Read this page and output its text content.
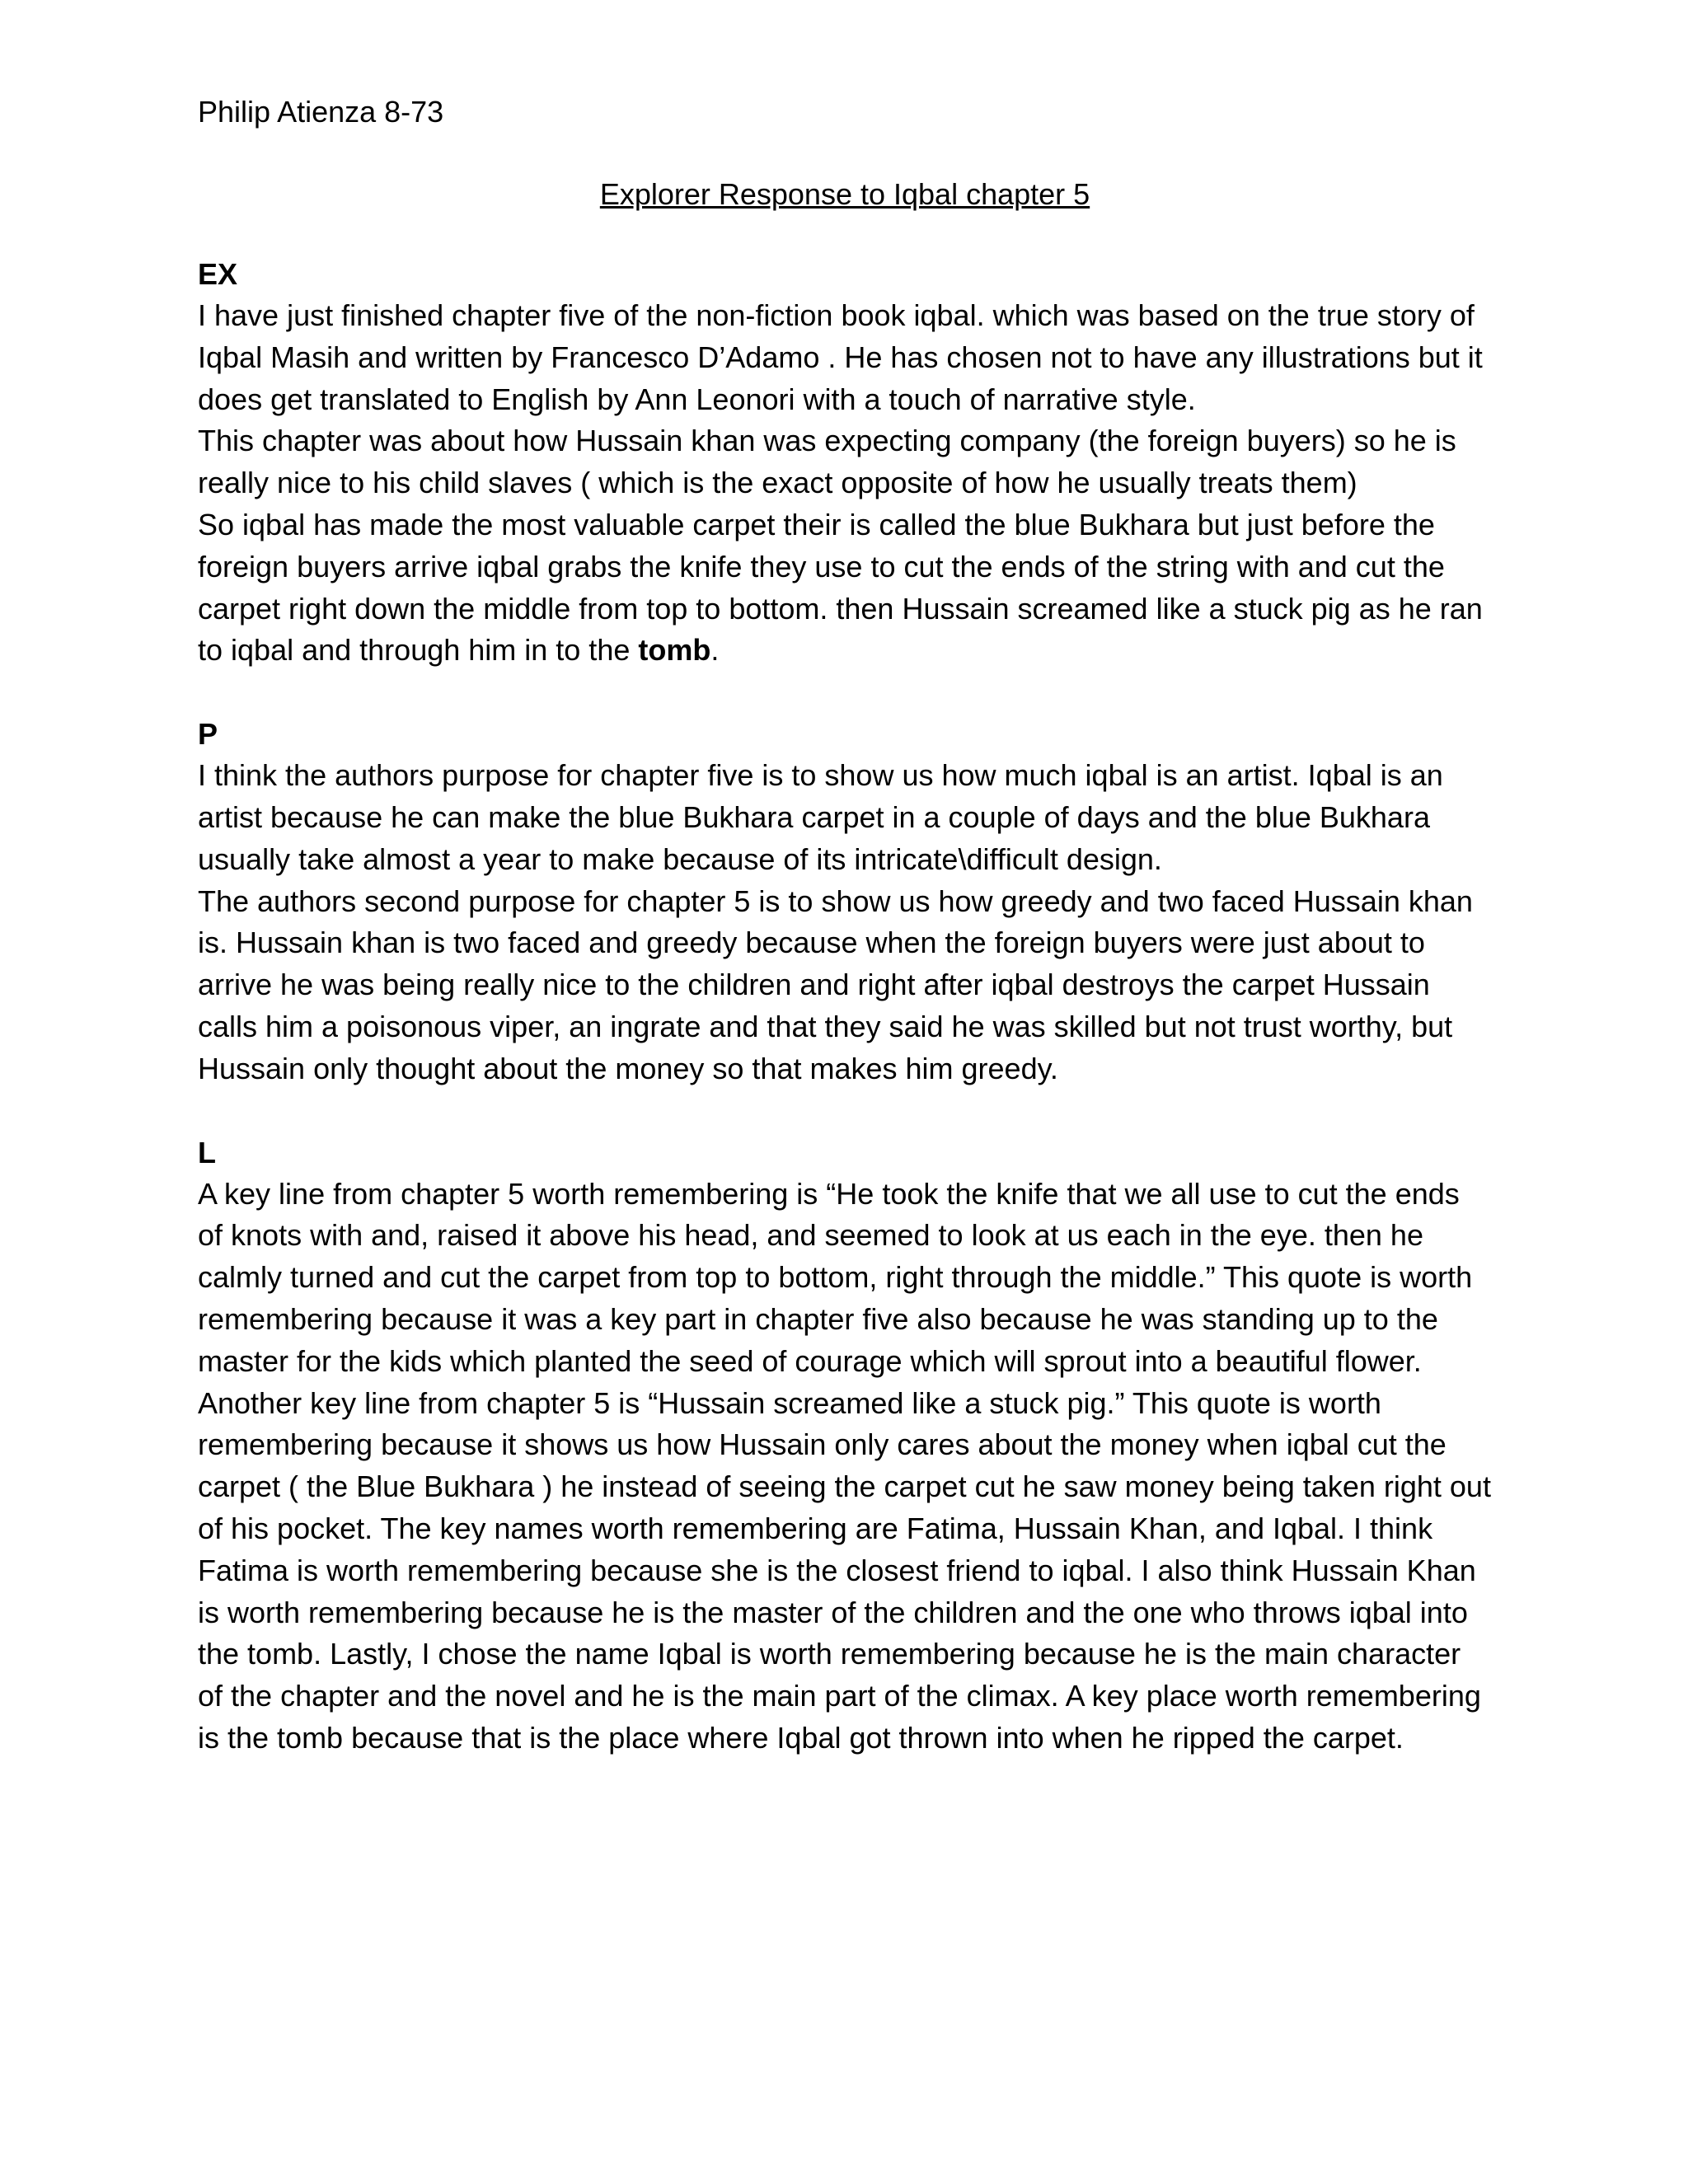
Philip Atienza 8-73

Explorer Response to Iqbal chapter 5

EX

I have just finished chapter five of the non-fiction book iqbal. which was based on the true story of Iqbal Masih and written by Francesco D’Adamo . He has chosen not to have any illustrations but it does get translated to English by Ann Leonori with a touch of narrative style.

This chapter was about how Hussain khan was expecting company (the foreign buyers) so he is really nice to his child slaves ( which is the exact opposite of how he usually treats them)

So iqbal has made the most valuable carpet their is called the blue Bukhara but just before the foreign buyers arrive iqbal grabs the knife they use to cut the ends of the string with and cut the carpet right down the middle from top to bottom. then Hussain screamed like a stuck pig as he ran to iqbal and through him in to the tomb.

P

I think the authors purpose for chapter five is to show us how much iqbal is an artist. Iqbal is an artist because he can make the blue Bukhara carpet in a couple of days and the blue Bukhara usually take almost a year to make because of its intricate\difficult design.

The authors second purpose for chapter 5 is to show us how greedy and two faced Hussain khan is. Hussain khan is two faced and greedy because when the foreign buyers were just about to arrive he was being really nice to the children and right after iqbal destroys the carpet Hussain calls him a poisonous viper, an ingrate and that they said he was skilled but not trust worthy, but Hussain only thought about the money so that makes him greedy.

L

A key line from chapter 5 worth remembering is “He took the knife that we all use to cut the ends of knots with and, raised it above his head, and seemed to look at us each in the eye. then he calmly turned and cut the carpet from top to bottom, right through the middle.” This quote is worth remembering because it was a key part in chapter five also because he was standing up to the master for the kids which planted the seed of courage which will sprout into a beautiful flower. Another key line from chapter 5 is “Hussain screamed like a stuck pig.” This quote is worth remembering because it shows us how Hussain only cares about the money when iqbal cut the carpet ( the Blue Bukhara ) he instead of seeing the carpet cut he saw money being taken right out of his pocket. The key names worth remembering are Fatima, Hussain Khan, and Iqbal. I think Fatima is worth remembering because she is the closest friend to iqbal. I also think Hussain Khan is worth remembering because he is the master of the children and the one who throws iqbal into the tomb. Lastly, I chose the name Iqbal is worth remembering because he is the main character of the chapter and the novel and he is the main part of the climax. A key place worth remembering is the tomb because that is the place where Iqbal got thrown into when he ripped the carpet.
